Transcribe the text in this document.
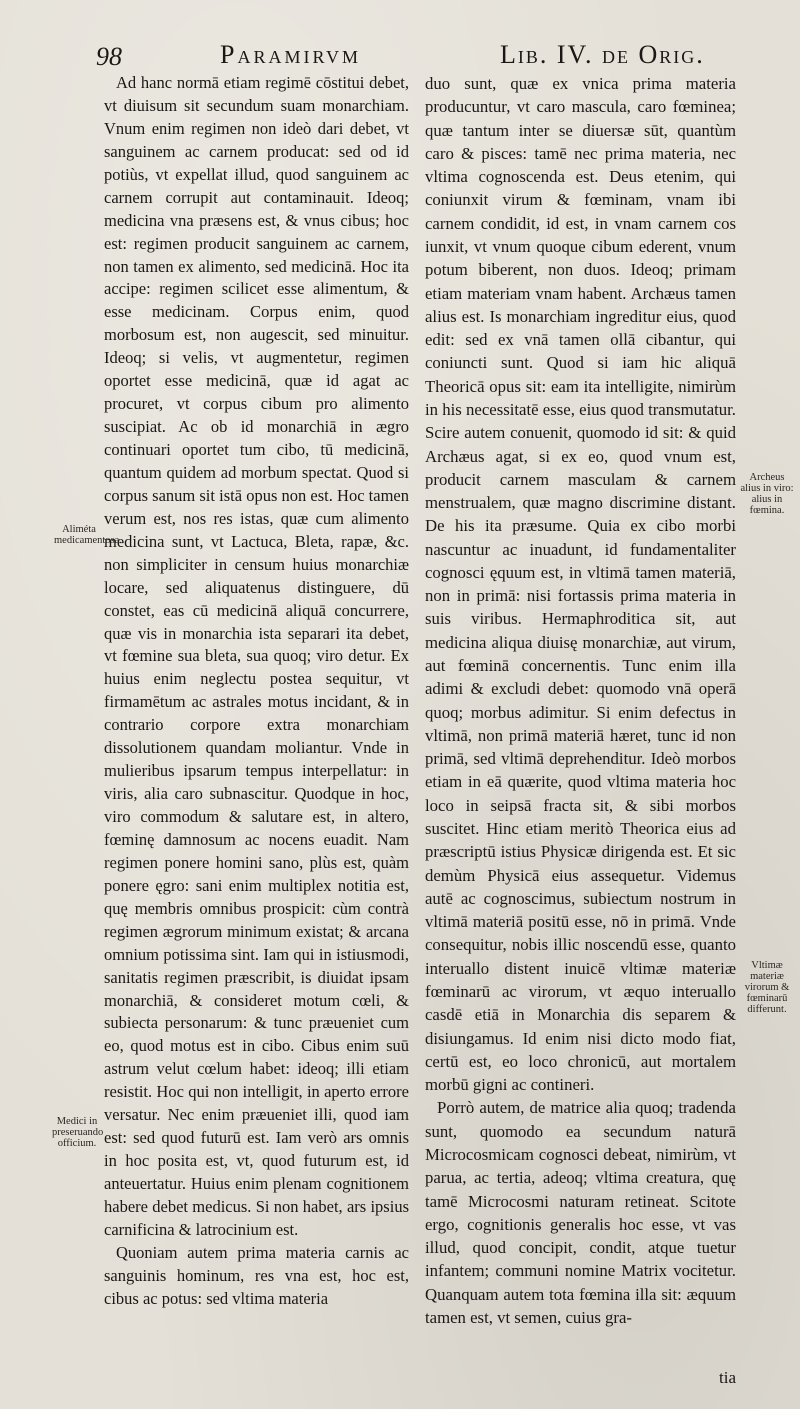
98	Paramirvm	Lib. IV. de Orig.

Ad hanc normā etiam regimē cōstitui debet, vt diuisum sit secundum suam monarchiam. Vnum enim regimen non ideò dari debet, vt sanguinem ac carnem producat: sed od id potiùs, vt expellat illud, quod sanguinem ac carnem corrupit aut contaminauit. Ideoq; medicina vna præsens est, & vnus cibus; hoc est: regimen producit sanguinem ac carnem, non tamen ex alimento, sed medicinā. Hoc ita accipe: regimen scilicet esse alimentum, & esse medicinam. Corpus enim, quod morbosum est, non augescit, sed minuitur. Ideoq; si velis, vt augmentetur, regimen oportet esse medicinā, quæ id agat ac procuret, vt corpus cibum pro alimento suscipiat. Ac ob id monarchiā in ægro continuari oportet tum cibo, tū medicinā, quantum quidem ad morbum spectat. Quod si corpus sanum sit istā opus non est. Hoc tamen verum est, nos res istas, quæ cum alimento medicina sunt, vt Lactuca, Bleta, rapæ, &c. non simpliciter in censum huius monarchiæ locare, sed aliquatenus distinguere, dū constet, eas cū medicinā aliquā concurrere, quæ vis in monarchia ista separari ita debet, vt fœmine sua bleta, sua quoq; viro detur. Ex huius enim neglectu postea sequitur, vt firmamētum ac astrales motus incidant, & in contrario corpore extra monarchiam dissolutionem quandam moliantur. Vnde in mulieribus ipsarum tempus interpellatur: in viris, alia caro subnascitur. Quodque in hoc, viro commodum & salutare est, in altero, fœminę damnosum ac nocens euadit. Nam regimen ponere homini sano, plùs est, quàm ponere ęgro: sani enim multiplex notitia est, quę membris omnibus prospicit: cùm contrà regimen ægrorum minimum existat; & arcana omnium potissima sint. Iam qui in istiusmodi, sanitatis regimen præscribit, is diuidat ipsam monarchiā, & consideret motum cœli, & subiecta personarum: & tunc præueniet cum eo, quod motus est in cibo. Cibus enim suū astrum velut cœlum habet: ideoq; illi etiam resistit. Hoc qui non intelligit, in aperto errore versatur. Nec enim præueniet illi, quod iam est: sed quod futurū est. Iam verò ars omnis in hoc posita est, vt, quod futurum est, id anteuertatur. Huius enim plenam cognitionem habere debet medicus. Si non habet, ars ipsius carnificina & latrocinium est.

Quoniam autem prima materia carnis ac sanguinis hominum, res vna est, hoc est, cibus ac potus: sed vltima materia

duo sunt, quæ ex vnica prima materia producuntur, vt caro mascula, caro fœminea; quæ tantum inter se diuersæ sūt, quantùm caro & pisces: tamē nec prima materia, nec vltima cognoscenda est. Deus etenim, qui coniunxit virum & fœminam, vnam ibi carnem condidit, id est, in vnam carnem cos iunxit, vt vnum quoque cibum ederent, vnum potum biberent, non duos. Ideoq; primam etiam materiam vnam habent. Archæus tamen alius est. Is monarchiam ingreditur eius, quod edit: sed ex vnā tamen ollā cibantur, qui coniuncti sunt. Quod si iam hic aliquā Theoricā opus sit: eam ita intelligite, nimirùm in his necessitatē esse, eius quod transmutatur. Scire autem conuenit, quomodo id sit: & quid Archæus agat, si ex eo, quod vnum est, producit carnem masculam & carnem menstrualem, quæ magno discrimine distant. De his ita præsume. Quia ex cibo morbi nascuntur ac inuadunt, id fundamentaliter cognosci ęquum est, in vltimā tamen materiā, non in primā: nisi fortassis prima materia in suis viribus. Hermaphroditica sit, aut medicina aliqua diuisę monarchiæ, aut virum, aut fœminā concernentis. Tunc enim illa adimi & excludi debet: quomodo vnā operā quoq; morbus adimitur. Si enim defectus in vltimā, non primā materiā hæret, tunc id non primā, sed vltimā deprehenditur. Ideò morbos etiam in eā quærite, quod vltima materia hoc loco in seipsā fracta sit, & sibi morbos suscitet. Hinc etiam meritò Theorica eius ad præscriptū istius Physicæ dirigenda est. Et sic demùm Physicā eius assequetur. Videmus autē ac cognoscimus, subiectum nostrum in vltimā materiā positū esse, nō in primā. Vnde consequitur, nobis illic noscendū esse, quanto interuallo distent inuicē vltimæ materiæ fœminarū ac virorum, vt æquo interuallo casdē etiā in Monarchia dis separem & disiungamus. Id enim nisi dicto modo fiat, certū est, eo loco chronicū, aut mortalem morbū gigni ac contineri.

Porrò autem, de matrice alia quoq; tradenda sunt, quomodo ea secundum naturā Microcosmicam cognosci debeat, nimirùm, vt parua, ac tertia, adeoq; vltima creatura, quę tamē Microcosmi naturam retineat. Scitote ergo, cognitionis generalis hoc esse, vt vas illud, quod concipit, condit, atque tuetur infantem; communi nomine Matrix vocitetur. Quanquam autem tota fœmina illa sit: æquum tamen est, vt semen, cuius gra-

Aliméta medicamentosa.
Medici in preseruando officium.
Archeus alius in viro: alius in fœmina.
Vltimæ materiæ virorum & fœminarū differunt.
tia
